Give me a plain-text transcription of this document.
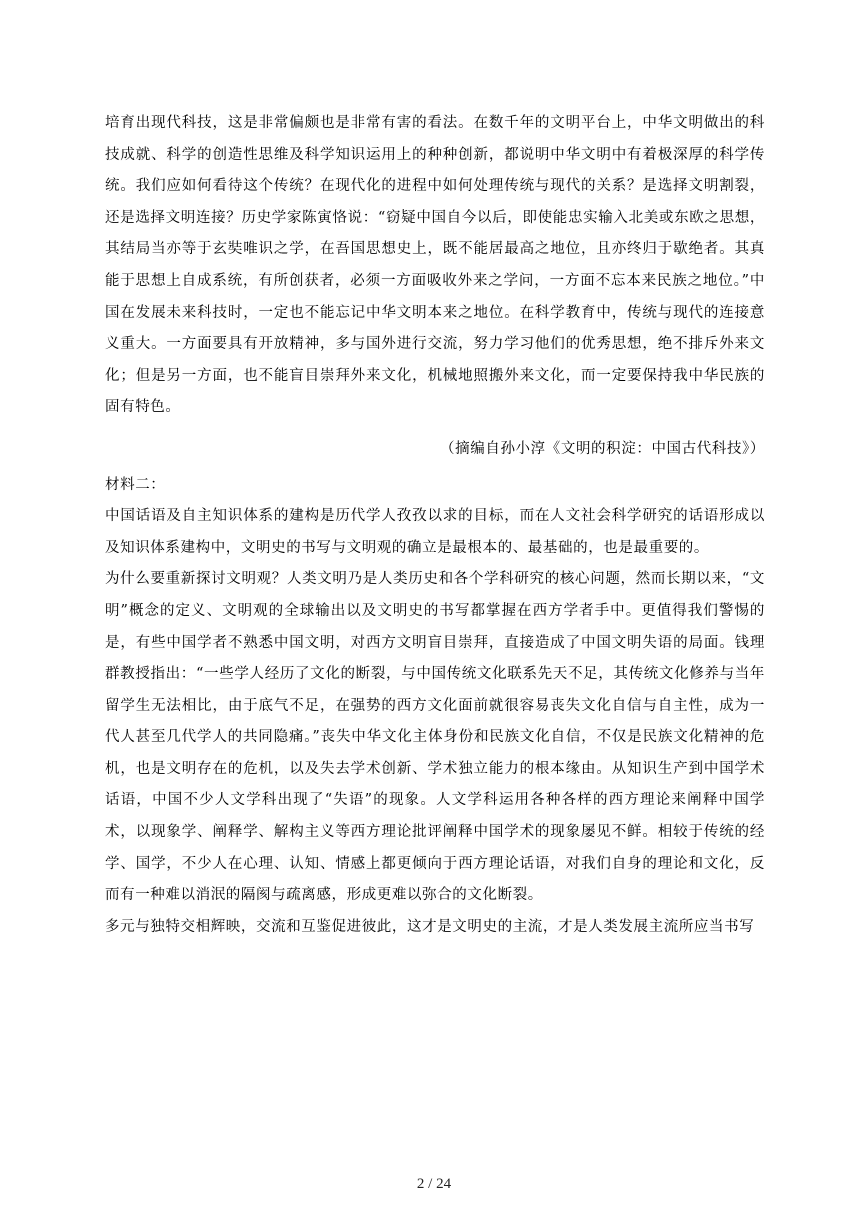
培育出现代科技，这是非常偏颇也是非常有害的看法。在数千年的文明平台上，中华文明做出的科技成就、科学的创造性思维及科学知识运用上的种种创新，都说明中华文明中有着极深厚的科学传统。我们应如何看待这个传统？在现代化的进程中如何处理传统与现代的关系？是选择文明割裂，还是选择文明连接？历史学家陈寅恪说：“窃疑中国自今以后，即使能忠实输入北美或东欧之思想，其结局当亦等于玄奘唯识之学，在吾国思想史上，既不能居最高之地位，且亦终归于歇绝者。其真能于思想上自成系统，有所创获者，必须一方面吸收外来之学问，一方面不忘本来民族之地位。”中国在发展未来科技时，一定也不能忘记中华文明本来之地位。在科学教育中，传统与现代的连接意义重大。一方面要具有开放精神，多与国外进行交流，努力学习他们的优秀思想，绝不排斥外来文化；但是另一方面，也不能盲目崇拜外来文化，机械地照搬外来文化，而一定要保持我中华民族的固有特色。

（摘编自孙小淳《文明的积淀：中国古代科技》）

材料二：

中国话语及自主知识体系的建构是历代学人孜孜以求的目标，而在人文社会科学研究的话语形成以及知识体系建构中，文明史的书写与文明观的确立是最根本的、最基础的，也是最重要的。

为什么要重新探讨文明观？人类文明乃是人类历史和各个学科研究的核心问题，然而长期以来，“文明”概念的定义、文明观的全球输出以及文明史的书写都掌握在西方学者手中。更值得我们警惕的是，有些中国学者不熟悉中国文明，对西方文明盲目崇拜，直接造成了中国文明失语的局面。钱理群教授指出：“一些学人经历了文化的断裂，与中国传统文化联系先天不足，其传统文化修养与当年留学生无法相比，由于底气不足，在强势的西方文化面前就很容易丧失文化自信与自主性，成为一代人甚至几代学人的共同隐痛。”丧失中华文化主体身份和民族文化自信，不仅是民族文化精神的危机，也是文明存在的危机，以及失去学术创新、学术独立能力的根本缘由。从知识生产到中国学术话语，中国不少人文学科出现了“失语”的现象。人文学科运用各种各样的西方理论来阐释中国学术，以现象学、阐释学、解构主义等西方理论批评阐释中国学术的现象屡见不鲜。相较于传统的经学、国学，不少人在心理、认知、情感上都更倾向于西方理论话语，对我们自身的理论和文化，反而有一种难以消泯的隔阂与疏离感，形成更难以弥合的文化断裂。

多元与独特交相辉映，交流和互鉴促进彼此，这才是文明史的主流，才是人类发展主流所应当书写

2 / 24
